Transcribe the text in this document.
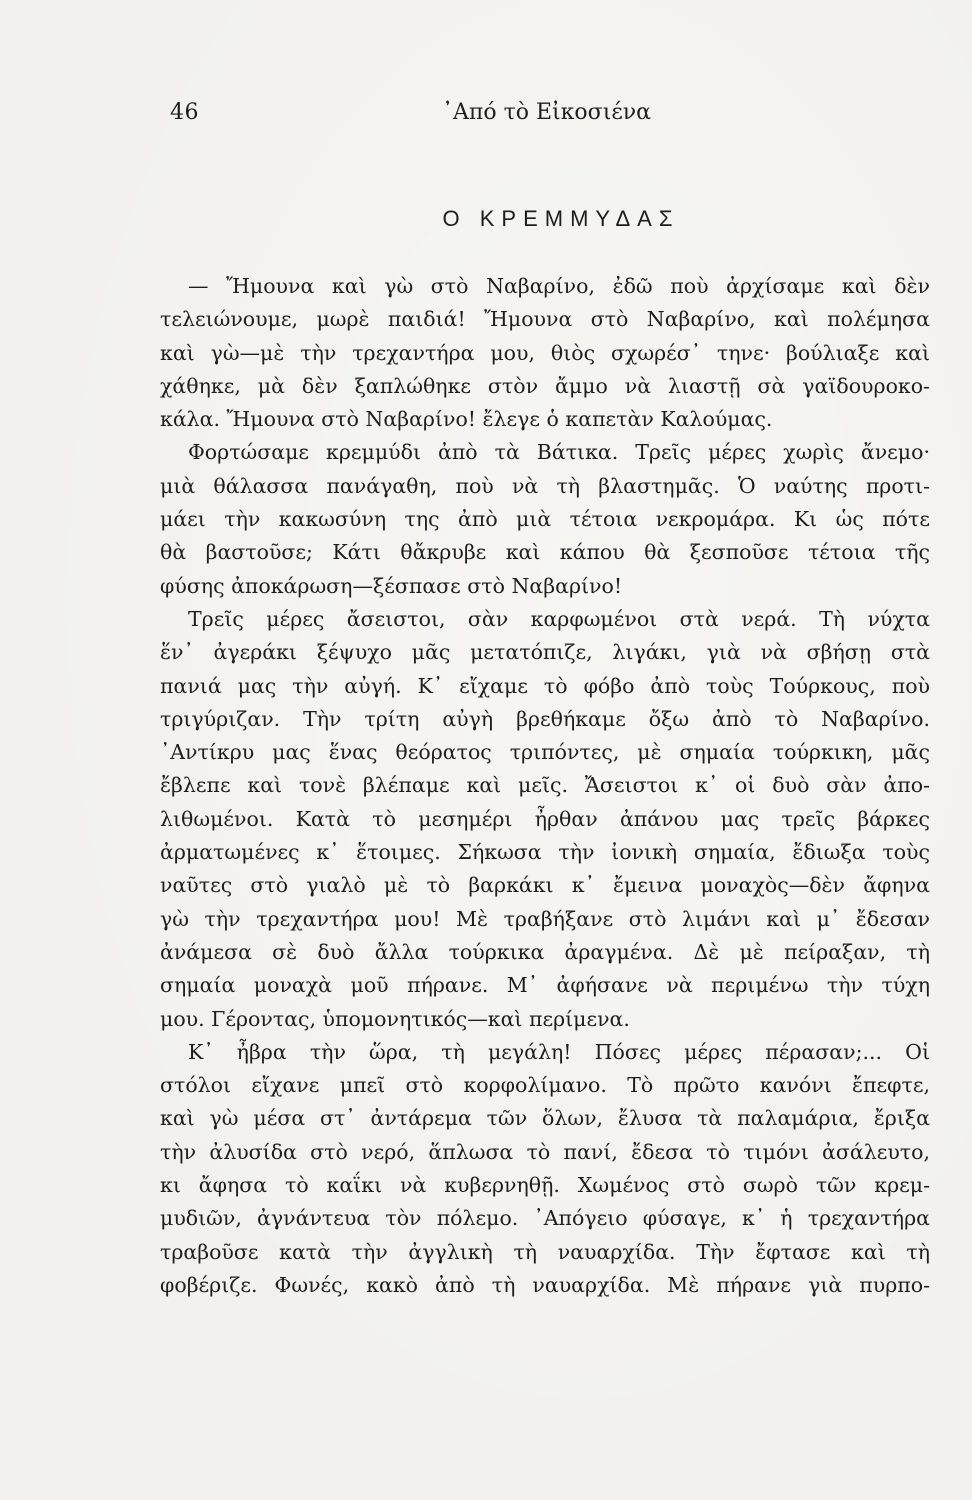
46	᾿Από τὸ Εἰκοσιένα
Ο ΚΡΕΜΜΥΔΑΣ
— Ἤμουνα καὶ γὼ στὸ Ναβαρίνο, ἐδῶ ποὺ ἀρχίσαμε καὶ δὲν
τελειώνουμε, μωρὲ παιδιά! Ἤμουνα στὸ Ναβαρίνο, καὶ πολέμησα
καὶ γὼ—μὲ τὴν τρεχαντήρα μου, θιὸς σχωρέσ᾿ τηνε· βούλιαξε καὶ
χάθηκε, μὰ δὲν ξαπλώθηκε στὸν ἄμμο νὰ λιαστῇ σὰ γαϊδουροκο-
κάλα. Ἤμουνα στὸ Ναβαρίνο! ἔλεγε ὁ καπετὰν Καλούμας.
Φορτώσαμε κρεμμύδι ἀπὸ τὰ Βάτικα. Τρεῖς μέρες χωρὶς ἄνεμο·
μιὰ θάλασσα πανάγαθη, ποὺ νὰ τὴ βλαστημᾶς. Ὁ ναύτης προτι-
μάει τὴν κακωσύνη της ἀπὸ μιὰ τέτοια νεκρομάρα. Κι ὡς πότε
θὰ βαστοῦσε; Κάτι θἄκρυβε καὶ κάπου θὰ ξεσποῦσε τέτοια τῆς
φύσης ἀποκάρωση—ξέσπασε στὸ Ναβαρίνο!
Τρεῖς μέρες ἄσειστοι, σὰν καρφωμένοι στὰ νερά. Τὴ νύχτα
ἕν᾿ ἀγεράκι ξέψυχο μᾶς μετατόπιζε, λιγάκι, γιὰ νὰ σβήσῃ στὰ
πανιά μας τὴν αὐγή. Κ᾿ εἴχαμε τὸ φόβο ἀπὸ τοὺς Τούρκους, ποὺ
τριγύριζαν. Τὴν τρίτη αὐγὴ βρεθήκαμε ὄξω ἀπὸ τὸ Ναβαρίνο.
᾿Αντίκρυ μας ἕνας θεόρατος τριπόντες, μὲ σημαία τούρκικη, μᾶς
ἔβλεπε καὶ τονὲ βλέπαμε καὶ μεῖς. Ἄσειστοι κ᾿ οἱ δυὸ σὰν ἀπο-
λιθωμένοι. Κατὰ τὸ μεσημέρι ἦρθαν ἀπάνου μας τρεῖς βάρκες
ἀρματωμένες κ᾿ ἕτοιμες. Σήκωσα τὴν ἰονικὴ σημαία, ἔδιωξα τοὺς
ναῦτες στὸ γιαλὸ μὲ τὸ βαρκάκι κ᾿ ἔμεινα μοναχὸς—δὲν ἄφηνα
γὼ τὴν τρεχαντήρα μου! Μὲ τραβήξανε στὸ λιμάνι καὶ μ᾿ ἔδεσαν
ἀνάμεσα σὲ δυὸ ἄλλα τούρκικα ἀραγμένα. Δὲ μὲ πείραξαν, τὴ
σημαία μοναχὰ μοῦ πήρανε. Μ᾿ ἀφήσανε νὰ περιμένω τὴν τύχη
μου. Γέροντας, ὑπομονητικός—καὶ περίμενα.
Κ᾿ ἦβρα τὴν ὥρα, τὴ μεγάλη! Πόσες μέρες πέρασαν;... Οἱ
στόλοι εἴχανε μπεῖ στὸ κορφολίμανο. Τὸ πρῶτο κανόνι ἔπεφτε,
καὶ γὼ μέσα στ᾿ ἀντάρεμα τῶν ὅλων, ἔλυσα τὰ παλαμάρια, ἔριξα
τὴν ἀλυσίδα στὸ νερό, ἅπλωσα τὸ πανί, ἔδεσα τὸ τιμόνι ἀσάλευτο,
κι ἄφησα τὸ καΐκι νὰ κυβερνηθῇ. Χωμένος στὸ σωρὸ τῶν κρεμ-
μυδιῶν, ἀγνάντευα τὸν πόλεμο. ᾿Απόγειο φύσαγε, κ᾿ ἡ τρεχαντήρα
τραβοῦσε κατὰ τὴν ἀγγλικὴ τὴ ναυαρχίδα. Τὴν ἔφτασε καὶ τὴ
φοβέριζε. Φωνές, κακὸ ἀπὸ τὴ ναυαρχίδα. Μὲ πήρανε γιὰ πυρπο-
